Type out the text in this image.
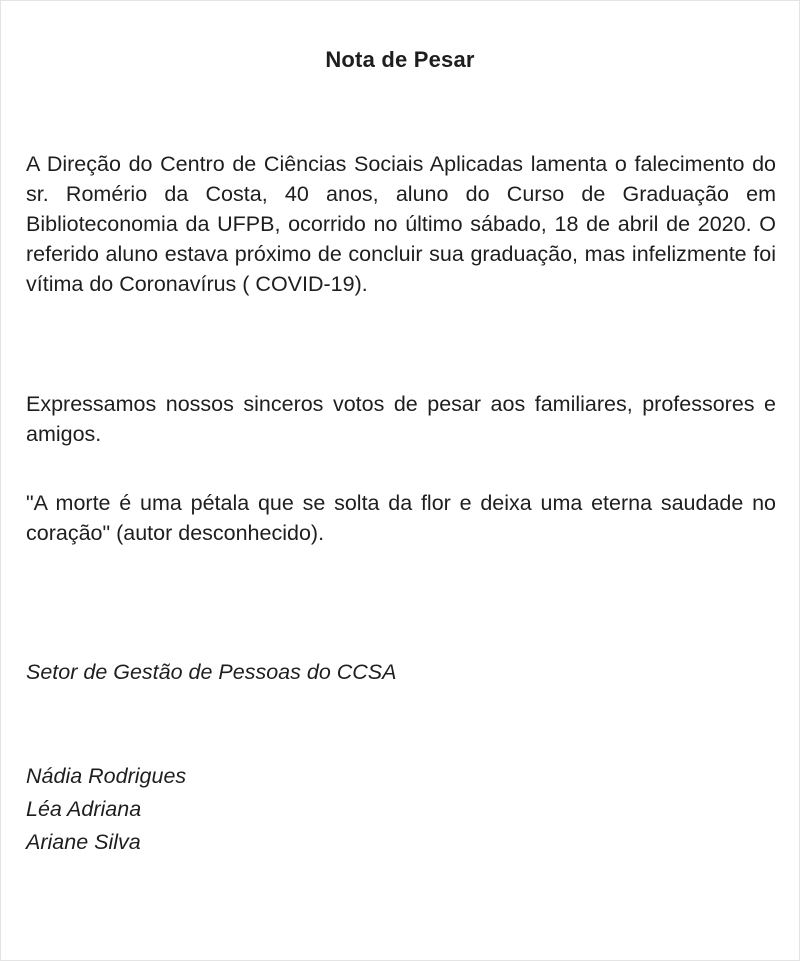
Nota de Pesar

A Direção do Centro de Ciências Sociais Aplicadas lamenta o falecimento do sr. Romério da Costa, 40 anos, aluno do Curso de Graduação em Biblioteconomia da UFPB, ocorrido no último sábado, 18 de abril de 2020. O referido aluno estava próximo de concluir sua graduação, mas infelizmente foi vítima do Coronavírus ( COVID-19).

Expressamos nossos sinceros votos de pesar aos familiares, professores e amigos.

"A morte é uma pétala que se solta da flor e deixa uma eterna saudade no coração" (autor desconhecido).

Setor de Gestão de Pessoas do CCSA
Nádia Rodrigues
Léa Adriana
Ariane Silva
